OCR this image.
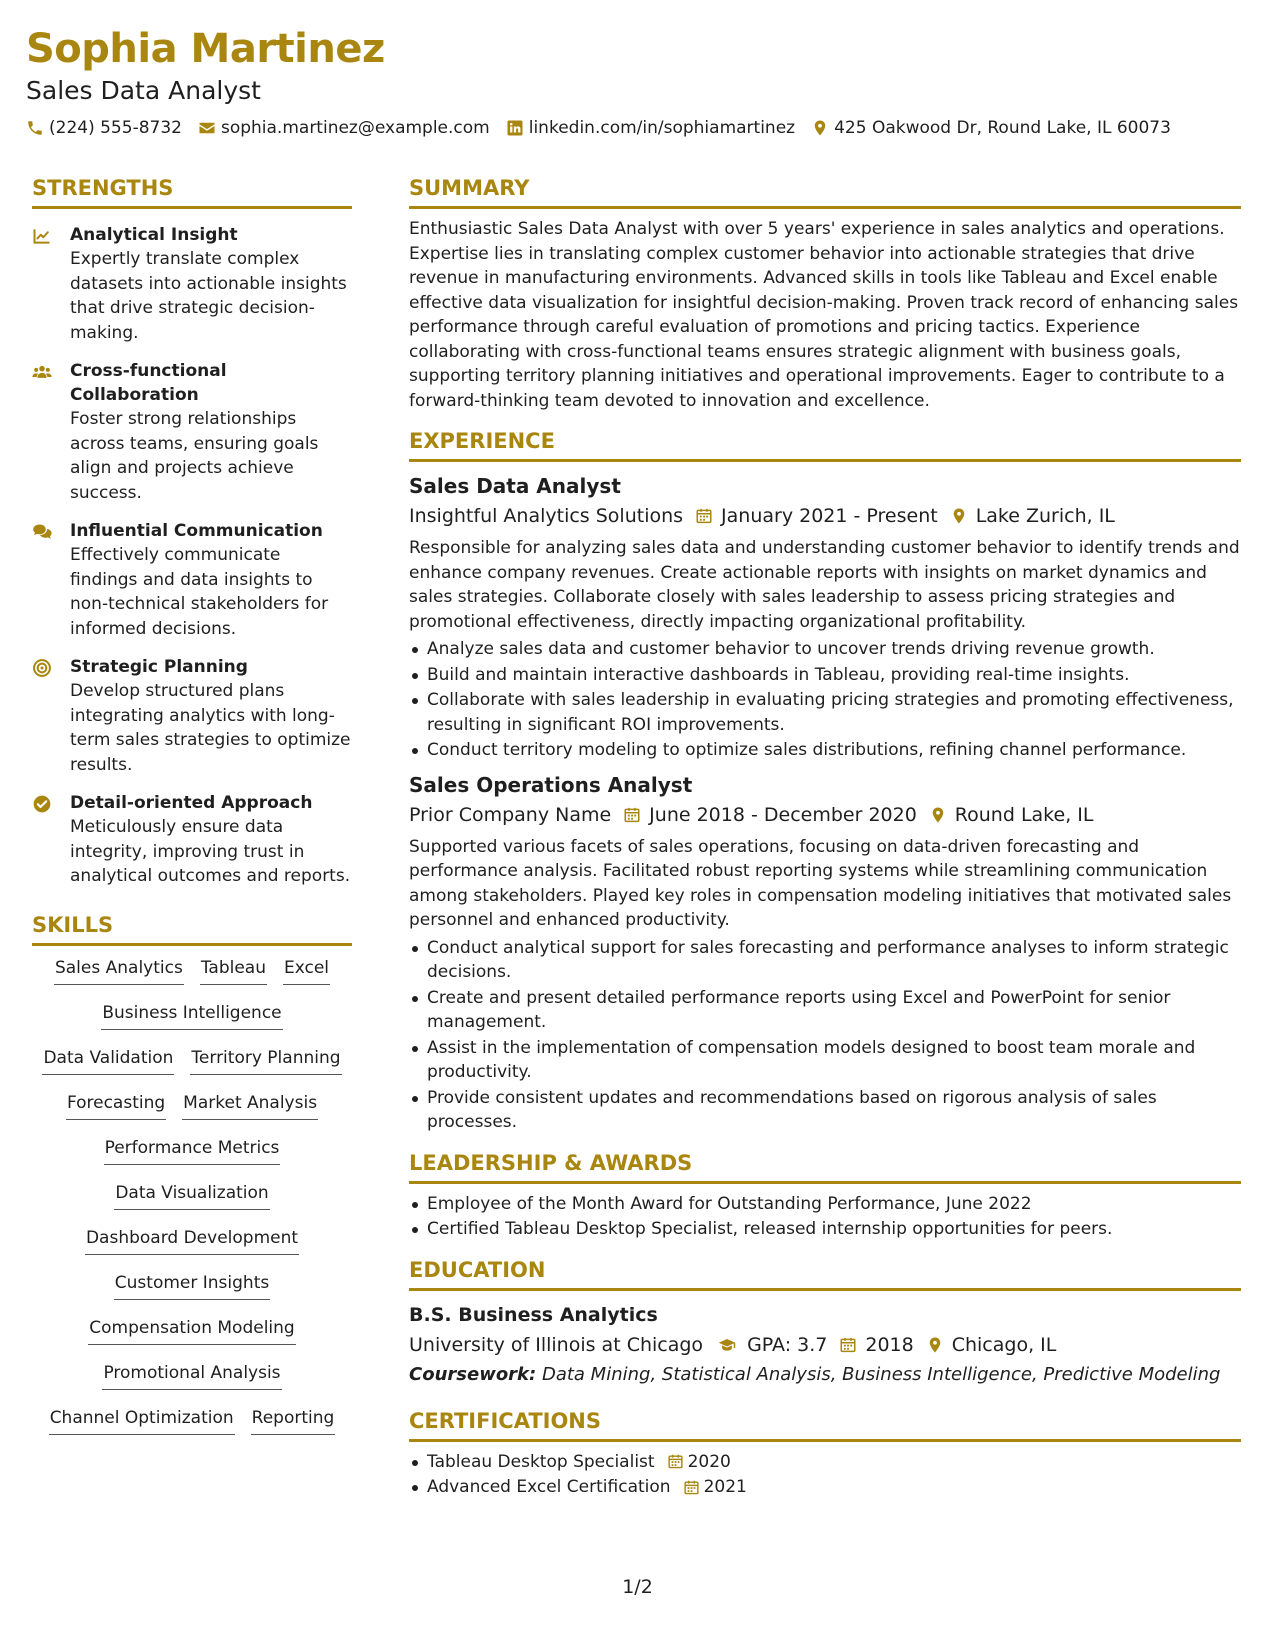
Sophia Martinez
Sales Data Analyst
(224) 555-8732 sophia.martinez@example.com linkedin.com/in/sophiamartinez 425 Oakwood Dr, Round Lake, IL 60073
STRENGTHS
Analytical Insight
Expertly translate complex datasets into actionable insights that drive strategic decision-making.
Cross-functional Collaboration
Foster strong relationships across teams, ensuring goals align and projects achieve success.
Influential Communication
Effectively communicate findings and data insights to non-technical stakeholders for informed decisions.
Strategic Planning
Develop structured plans integrating analytics with long-term sales strategies to optimize results.
Detail-oriented Approach
Meticulously ensure data integrity, improving trust in analytical outcomes and reports.
SKILLS
Sales Analytics Tableau Excel
Business Intelligence
Data Validation Territory Planning
Forecasting Market Analysis
Performance Metrics
Data Visualization
Dashboard Development
Customer Insights
Compensation Modeling
Promotional Analysis
Channel Optimization Reporting
SUMMARY
Enthusiastic Sales Data Analyst with over 5 years' experience in sales analytics and operations. Expertise lies in translating complex customer behavior into actionable strategies that drive revenue in manufacturing environments. Advanced skills in tools like Tableau and Excel enable effective data visualization for insightful decision-making. Proven track record of enhancing sales performance through careful evaluation of promotions and pricing tactics. Experience collaborating with cross-functional teams ensures strategic alignment with business goals, supporting territory planning initiatives and operational improvements. Eager to contribute to a forward-thinking team devoted to innovation and excellence.
EXPERIENCE
Sales Data Analyst
Insightful Analytics Solutions January 2021 - Present Lake Zurich, IL
Responsible for analyzing sales data and understanding customer behavior to identify trends and enhance company revenues. Create actionable reports with insights on market dynamics and sales strategies. Collaborate closely with sales leadership to assess pricing strategies and promotional effectiveness, directly impacting organizational profitability.
Analyze sales data and customer behavior to uncover trends driving revenue growth.
Build and maintain interactive dashboards in Tableau, providing real-time insights.
Collaborate with sales leadership in evaluating pricing strategies and promoting effectiveness, resulting in significant ROI improvements.
Conduct territory modeling to optimize sales distributions, refining channel performance.
Sales Operations Analyst
Prior Company Name June 2018 - December 2020 Round Lake, IL
Supported various facets of sales operations, focusing on data-driven forecasting and performance analysis. Facilitated robust reporting systems while streamlining communication among stakeholders. Played key roles in compensation modeling initiatives that motivated sales personnel and enhanced productivity.
Conduct analytical support for sales forecasting and performance analyses to inform strategic decisions.
Create and present detailed performance reports using Excel and PowerPoint for senior management.
Assist in the implementation of compensation models designed to boost team morale and productivity.
Provide consistent updates and recommendations based on rigorous analysis of sales processes.
LEADERSHIP & AWARDS
Employee of the Month Award for Outstanding Performance, June 2022
Certified Tableau Desktop Specialist, released internship opportunities for peers.
EDUCATION
B.S. Business Analytics
University of Illinois at Chicago GPA: 3.7 2018 Chicago, IL
Coursework: Data Mining, Statistical Analysis, Business Intelligence, Predictive Modeling
CERTIFICATIONS
Tableau Desktop Specialist 2020
Advanced Excel Certification 2021
1/2
